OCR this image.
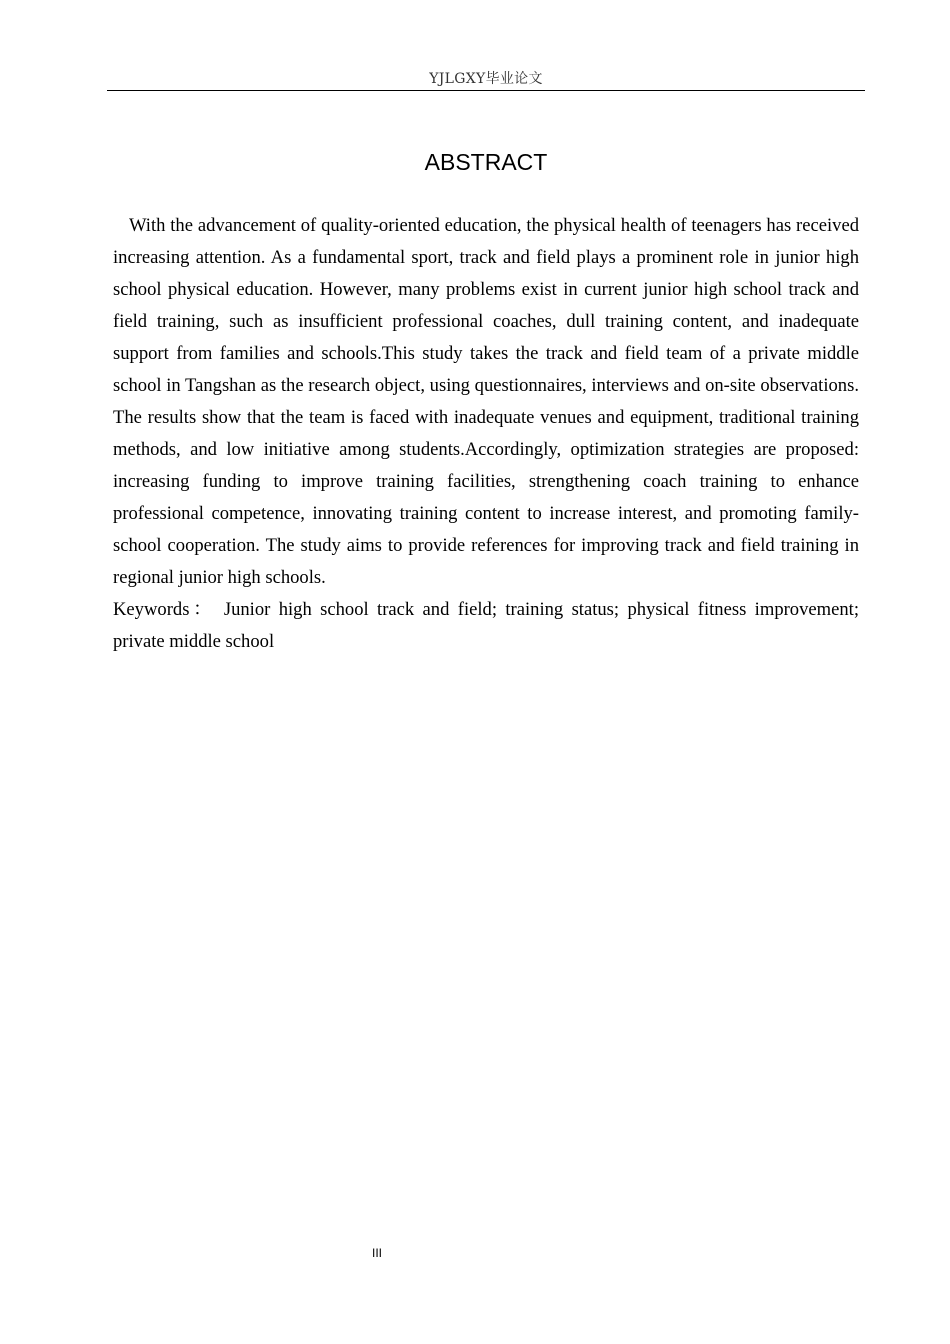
YJLGXY毕业论文
ABSTRACT

With the advancement of quality-oriented education, the physical health of teenagers has received increasing attention. As a fundamental sport, track and field plays a prominent role in junior high school physical education. However, many problems exist in current junior high school track and field training, such as insufficient professional coaches, dull training content, and inadequate support from families and schools.This study takes the track and field team of a private middle school in Tangshan as the research object, using questionnaires, interviews and on-site observations. The results show that the team is faced with inadequate venues and equipment, traditional training methods, and low initiative among students.Accordingly, optimization strategies are proposed: increasing funding to improve training facilities, strengthening coach training to enhance professional competence, innovating training content to increase interest, and promoting family-school cooperation. The study aims to provide references for improving track and field training in regional junior high schools.

Keywords： Junior high school track and field; training status; physical fitness improvement; private middle school

III
